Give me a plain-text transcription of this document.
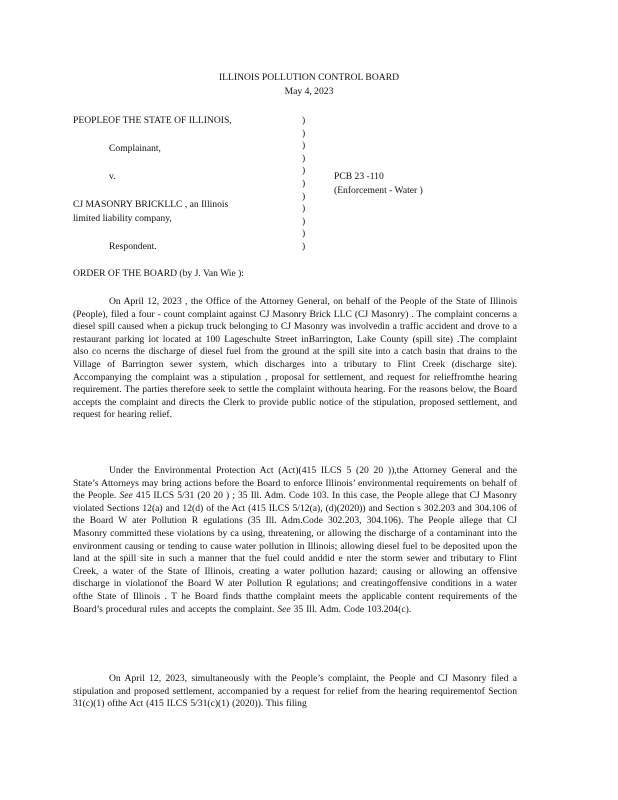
ILLINOIS POLLUTION CONTROL BOARD
May 4, 2023
PEOPLEOF THE STATE OF ILLINOIS,
Complainant,
v.	PCB 23 -110
(Enforcement - Water )
CJ MASONRY BRICKLLC , an Illinois
limited liability company,
Respondent.
)
)
)
)
)
)
)
)
)
)
)
ORDER OF THE BOARD (by J. Van Wie ):
On April 12, 2023 , the Office of the Attorney General, on behalf of the People of the State of Illinois (People), filed a four - count complaint against CJ Masonry Brick LLC (CJ Masonry) . The complaint concerns a diesel spill caused when a pickup truck belonging to CJ Masonry was involvedin a traffic accident and drove to a restaurant parking lot located at 100 Lageschulte Street inBarrington, Lake County (spill site) .The complaint also co ncerns the discharge of diesel fuel from the ground at the spill site into a catch basin that drains to the Village of Barrington sewer system, which discharges into a tributary to Flint Creek (discharge site). Accompanying the complaint was a stipulation , proposal for settlement, and request for relieffromthe hearing requirement. The parties therefore seek to settle the complaint withouta hearing. For the reasons below, the Board accepts the complaint and directs the Clerk to provide public notice of the stipulation, proposed settlement, and request for hearing relief.
Under the Environmental Protection Act (Act)(415 ILCS 5 (20 20 )),the Attorney General and the State’s Attorneys may bring actions before the Board to enforce Illinois’ environmental requirements on behalf of the People. See 415 ILCS 5/31 (20 20 ) ; 35 Ill. Adm. Code 103. In this case, the People allege that CJ Masonry violated Sections 12(a) and 12(d) of the Act (415 ILCS 5/12(a), (d)(2020)) and Section s 302.203 and 304.106 of the Board W ater Pollution R egulations (35 Ill. Adm.Code 302.203, 304.106). The People allege that CJ Masonry committed these violations by ca using, threatening, or allowing the discharge of a contaminant into the environment causing or tending to cause water pollution in Illinois; allowing diesel fuel to be deposited upon the land at the spill site in such a manner that the fuel could anddid e nter the storm sewer and tributary to Flint Creek, a water of the State of Illinois, creating a water pollution hazard; causing or allowing an offensive discharge in violationof the Board W ater Pollution R egulations; and creatingoffensive conditions in a water ofthe State of Illinois . T he Board finds thatthe complaint meets the applicable content requirements of the Board’s procedural rules and accepts the complaint. See 35 Ill. Adm. Code 103.204(c).
On April 12, 2023, simultaneously with the People’s complaint, the People and CJ Masonry filed a stipulation and proposed settlement, accompanied by a request for relief from the hearing requirementof Section 31(c)(1) ofthe Act (415 ILCS 5/31(c)(1) (2020)). This filing
